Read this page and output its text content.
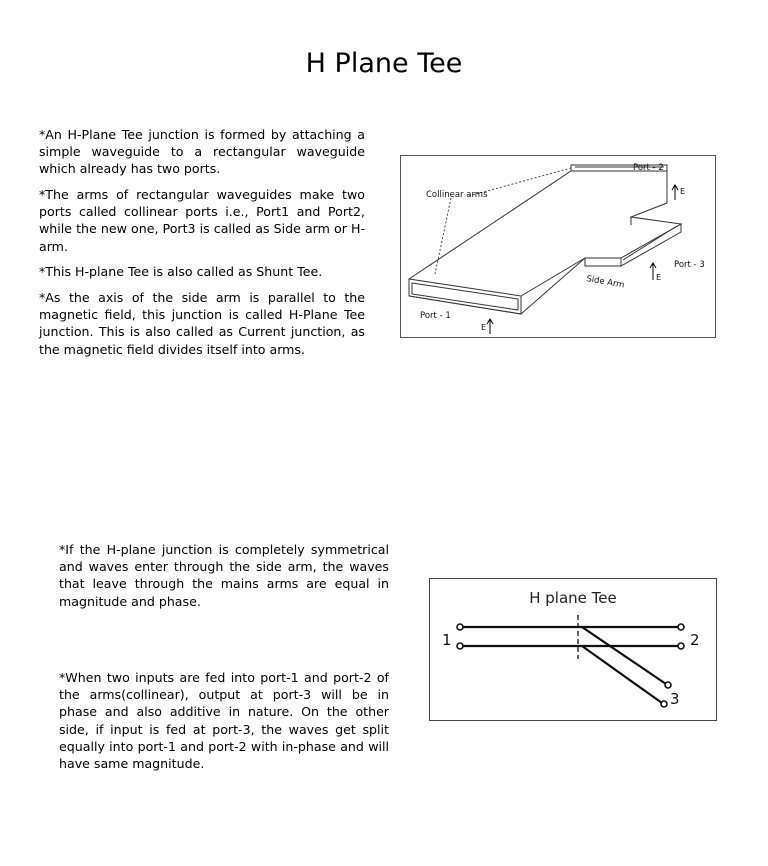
H Plane Tee

*An H-Plane Tee junction is formed by attaching a simple waveguide to a rectangular waveguide which already has two ports.

*The arms of rectangular waveguides make two ports called collinear ports i.e., Port1 and Port2, while the new one, Port3 is called as Side arm or H-arm.

*This H-plane Tee is also called as Shunt Tee.

*As the axis of the side arm is parallel to the magnetic field, this junction is called H-Plane Tee junction. This is also called as Current junction, as the magnetic field divides itself into arms.

Collinear arms
Port - 2
E
Port - 3
E
Side Arm
Port - 1
E

*If the H-plane junction is completely symmetrical and waves enter through the side arm, the waves that leave through the mains arms are equal in magnitude and phase.

*When two inputs are fed into port-1 and port-2 of the arms(collinear), output at port-3 will be in phase and also additive in nature. On the other side, if input is fed at port-3, the waves get split equally into port-1 and port-2 with in-phase and will have same magnitude.

H plane Tee
1	2
3
